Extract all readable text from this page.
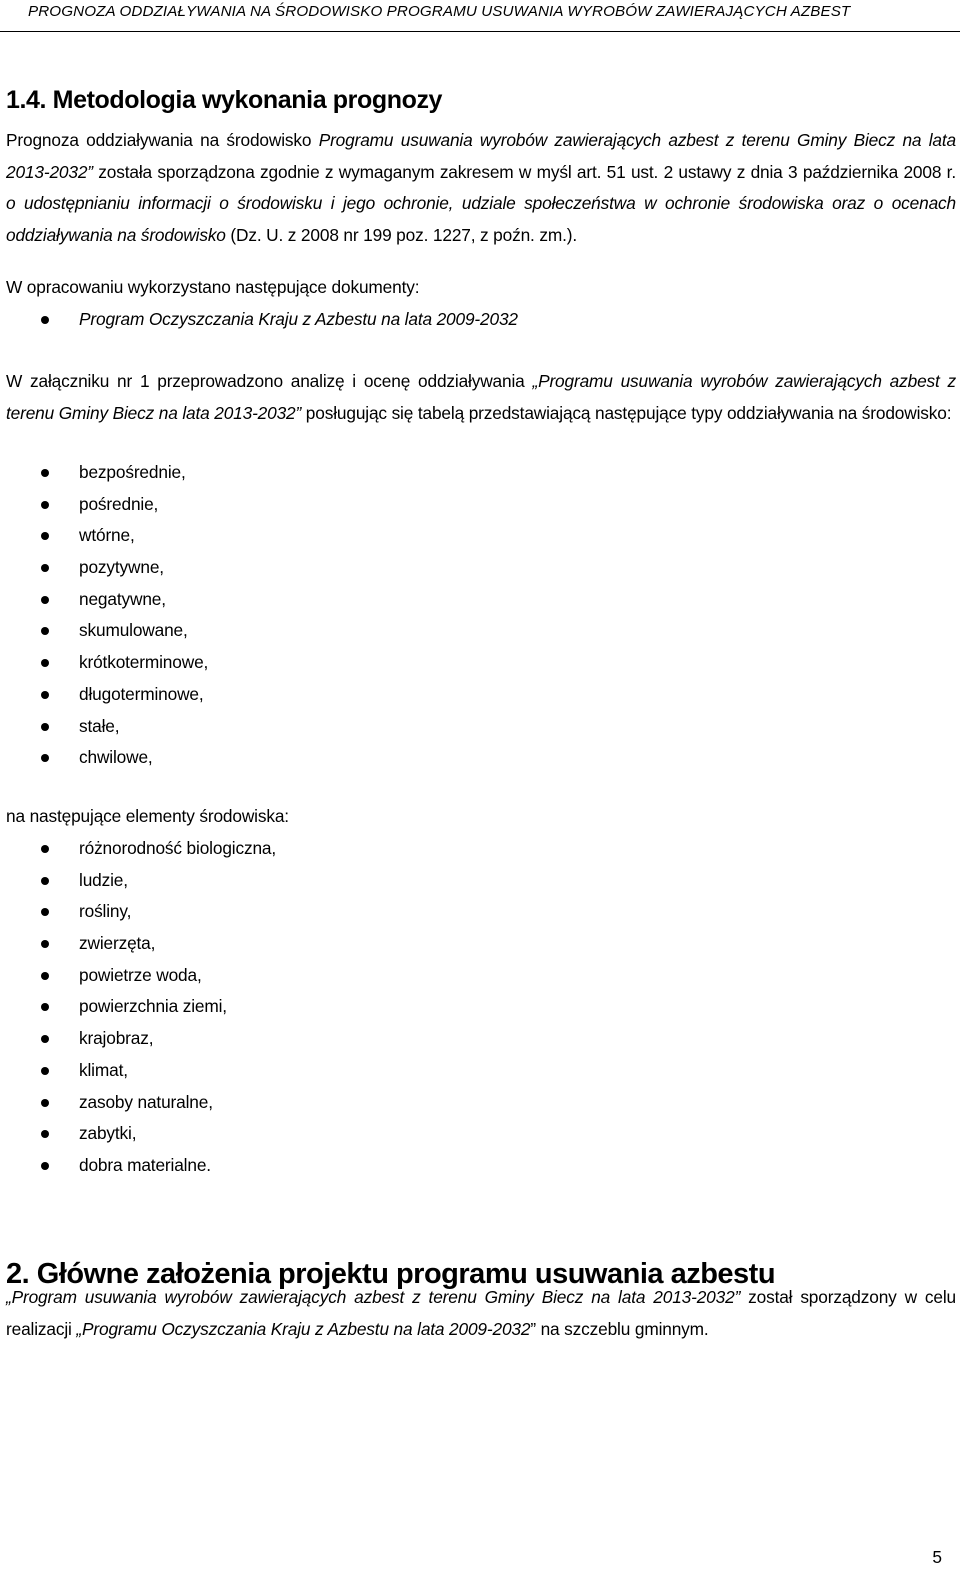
PROGNOZA ODDZIAŁYWANIA NA ŚRODOWISKO PROGRAMU USUWANIA WYROBÓW ZAWIERAJĄCYCH AZBEST
1.4. Metodologia wykonania prognozy

Prognoza oddziaływania na środowisko Programu usuwania wyrobów zawierających azbest z terenu Gminy Biecz na lata 2013-2032” została sporządzona zgodnie z wymaganym zakresem w myśl art. 51 ust. 2 ustawy z dnia 3 października 2008 r. o udostępnianiu informacji o środowisku i jego ochronie, udziale społeczeństwa w ochronie środowiska oraz o ocenach oddziaływania na środowisko (Dz. U. z 2008 nr 199 poz. 1227, z poźn. zm.).

W opracowaniu wykorzystano następujące dokumenty:

Program Oczyszczania Kraju z Azbestu na lata 2009-2032

W załączniku nr 1 przeprowadzono analizę i ocenę oddziaływania „Programu usuwania wyrobów zawierających azbest z terenu Gminy Biecz na lata 2013-2032” posługując się tabelą przedstawiającą następujące typy oddziaływania na środowisko:

bezpośrednie,
pośrednie,
wtórne,
pozytywne,
negatywne,
skumulowane,
krótkoterminowe,
długoterminowe,
stałe,
chwilowe,

na następujące elementy środowiska:

różnorodność biologiczna,
ludzie,
rośliny,
zwierzęta,
powietrze woda,
powierzchnia ziemi,
krajobraz,
klimat,
zasoby naturalne,
zabytki,
dobra materialne.
2. Główne założenia projektu programu usuwania azbestu

„Program usuwania wyrobów zawierających azbest z terenu Gminy Biecz na lata 2013-2032” został sporządzony w celu realizacji „Programu Oczyszczania Kraju z Azbestu na lata 2009-2032” na szczeblu gminnym.

5
